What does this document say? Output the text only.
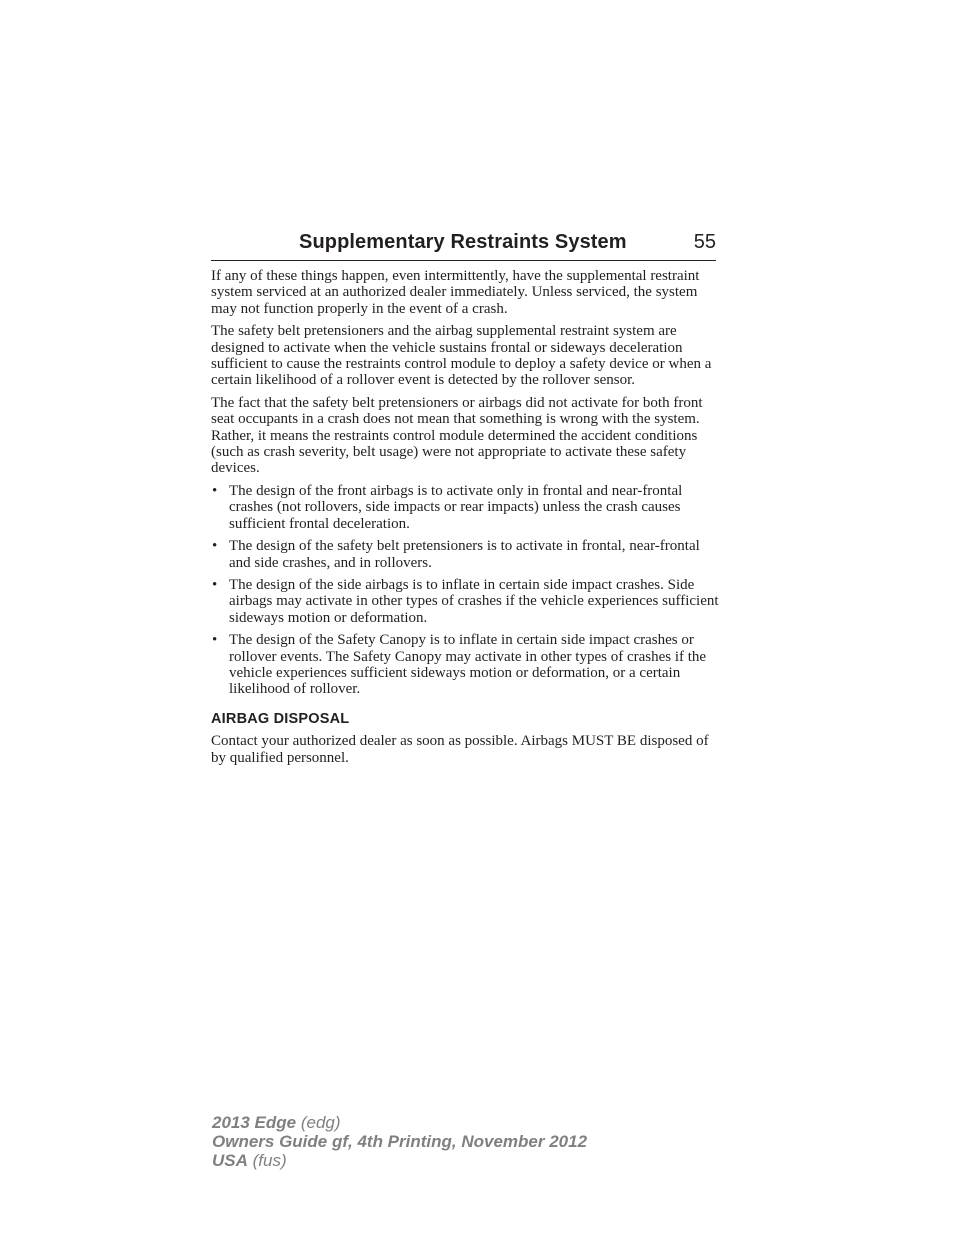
Supplementary Restraints System	55

If any of these things happen, even intermittently, have the supplemental restraint system serviced at an authorized dealer immediately. Unless serviced, the system may not function properly in the event of a crash.

The safety belt pretensioners and the airbag supplemental restraint system are designed to activate when the vehicle sustains frontal or sideways deceleration sufficient to cause the restraints control module to deploy a safety device or when a certain likelihood of a rollover event is detected by the rollover sensor.

The fact that the safety belt pretensioners or airbags did not activate for both front seat occupants in a crash does not mean that something is wrong with the system. Rather, it means the restraints control module determined the accident conditions (such as crash severity, belt usage) were not appropriate to activate these safety devices.

• The design of the front airbags is to activate only in frontal and near-frontal crashes (not rollovers, side impacts or rear impacts) unless the crash causes sufficient frontal deceleration.
• The design of the safety belt pretensioners is to activate in frontal, near-frontal and side crashes, and in rollovers.
• The design of the side airbags is to inflate in certain side impact crashes. Side airbags may activate in other types of crashes if the vehicle experiences sufficient sideways motion or deformation.
• The design of the Safety Canopy is to inflate in certain side impact crashes or rollover events. The Safety Canopy may activate in other types of crashes if the vehicle experiences sufficient sideways motion or deformation, or a certain likelihood of rollover.
AIRBAG DISPOSAL

Contact your authorized dealer as soon as possible. Airbags MUST BE disposed of by qualified personnel.

2013 Edge (edg)
Owners Guide gf, 4th Printing, November 2012
USA (fus)
